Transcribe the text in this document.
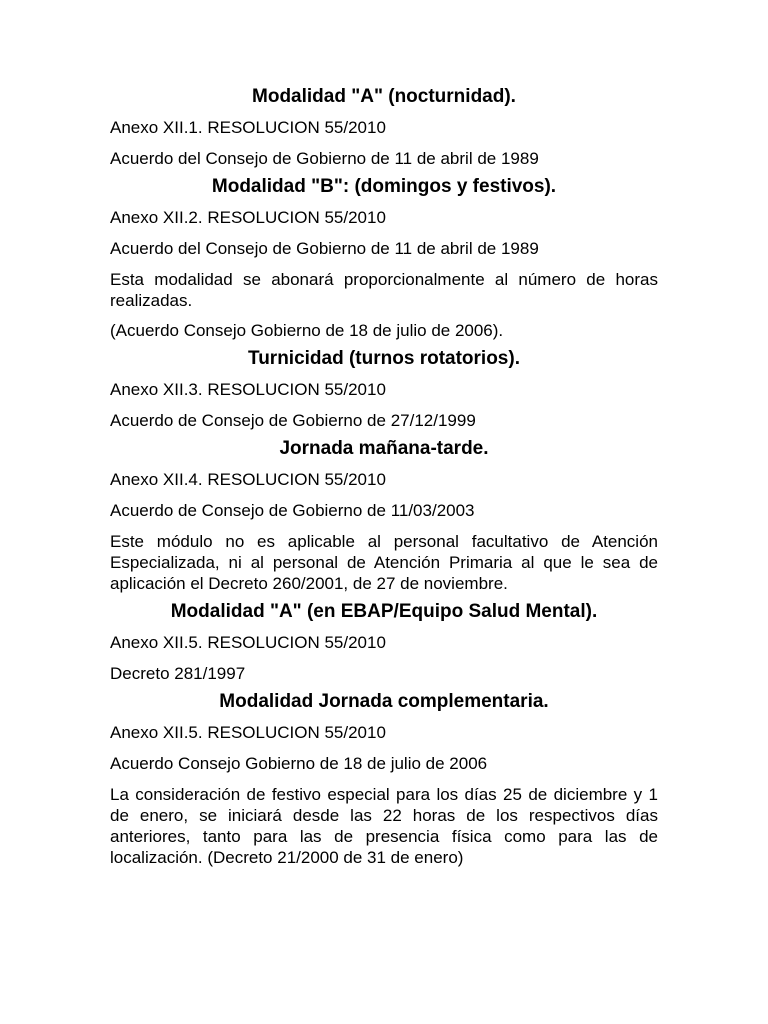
Modalidad "A" (nocturnidad).

Anexo XII.1. RESOLUCION 55/2010

Acuerdo del Consejo de Gobierno de 11 de abril de 1989

Modalidad "B": (domingos y festivos).

Anexo XII.2. RESOLUCION 55/2010

Acuerdo del Consejo de Gobierno de 11 de abril de 1989

Esta modalidad se abonará proporcionalmente al número de horas realizadas.

(Acuerdo Consejo Gobierno de 18 de julio de 2006).

Turnicidad (turnos rotatorios).

Anexo XII.3. RESOLUCION 55/2010

Acuerdo de Consejo de Gobierno de 27/12/1999

Jornada mañana-tarde.

Anexo XII.4. RESOLUCION 55/2010

Acuerdo de Consejo de Gobierno de 11/03/2003

Este módulo no es aplicable al personal facultativo de Atención Especializada, ni al personal de Atención Primaria al que le sea de aplicación el Decreto 260/2001, de 27 de noviembre.

Modalidad "A" (en EBAP/Equipo Salud Mental).

Anexo XII.5. RESOLUCION 55/2010

Decreto 281/1997

Modalidad Jornada complementaria.

Anexo XII.5. RESOLUCION 55/2010

Acuerdo Consejo Gobierno de 18 de julio de 2006

La consideración de festivo especial para los días 25 de diciembre y 1 de enero, se iniciará desde las 22 horas de los respectivos días anteriores, tanto para las de presencia física como para las de localización. (Decreto 21/2000 de 31 de enero)
